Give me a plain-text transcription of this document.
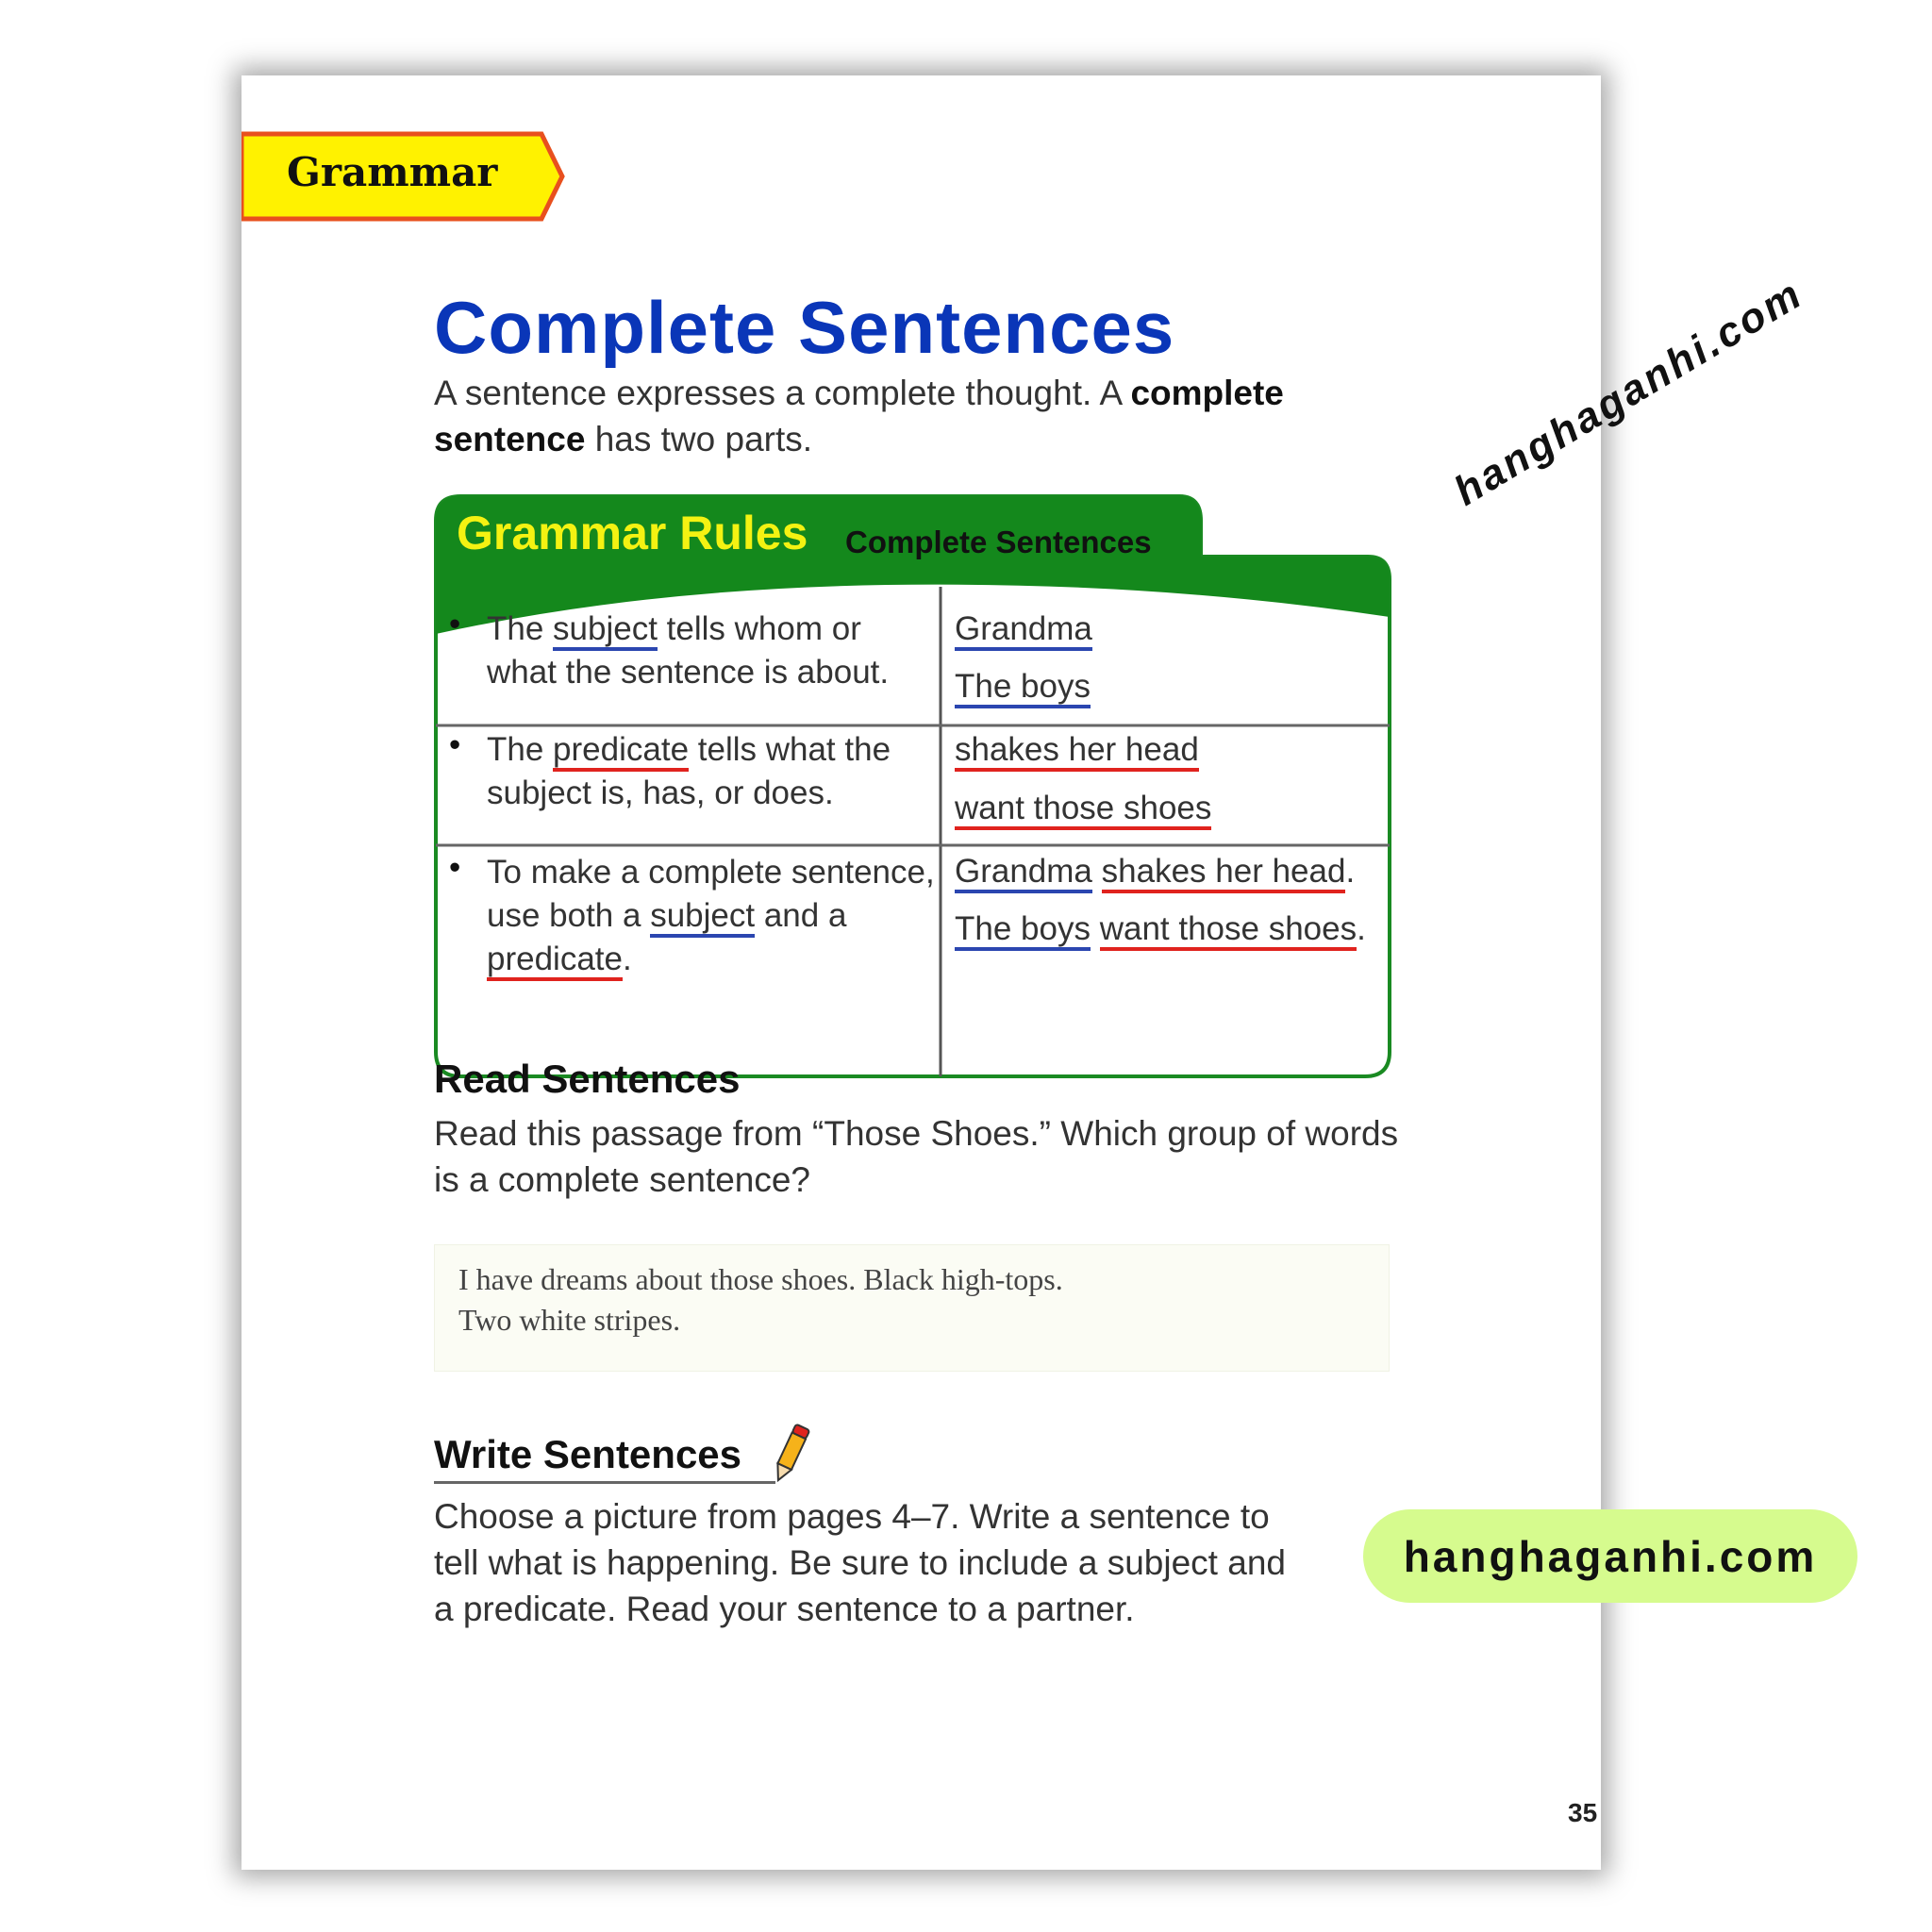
Grammar
Complete Sentences
A sentence expresses a complete thought. A complete sentence has two parts.
Grammar Rules Complete Sentences
• The subject tells whom or what the sentence is about.
Grandma
The boys
• The predicate tells what the subject is, has, or does.
shakes her head
want those shoes
• To make a complete sentence, use both a subject and a predicate.
Grandma shakes her head.
The boys want those shoes.
Read Sentences
Read this passage from “Those Shoes.” Which group of words is a complete sentence?
I have dreams about those shoes. Black high-tops.
Two white stripes.
Write Sentences
Choose a picture from pages 4–7. Write a sentence to tell what is happening. Be sure to include a subject and a predicate. Read your sentence to a partner.
hanghaganhi.com
35
hanghaganhi.com
